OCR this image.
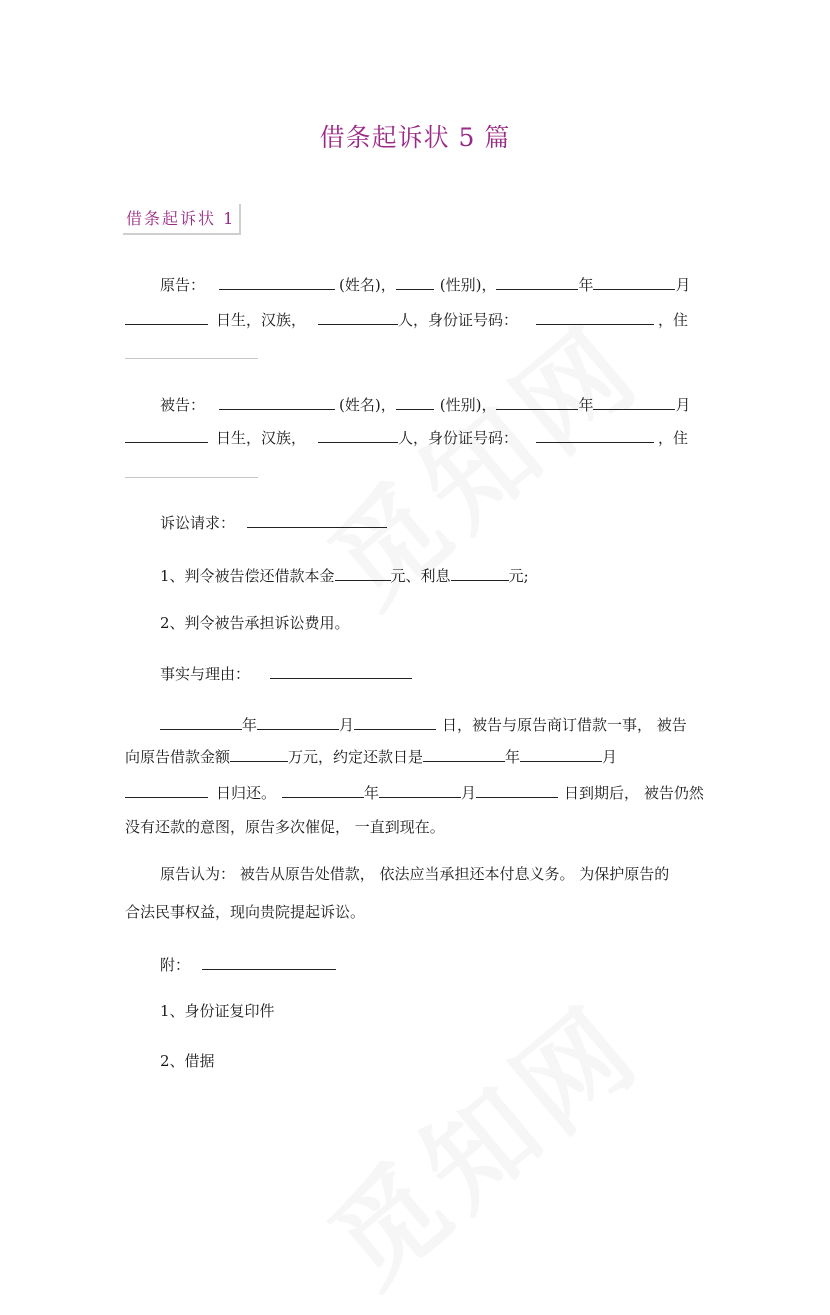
借条起诉状 5 篇
借条起诉状 1
原告：	(姓名)，	(性别)，	年	月
日生，汉族，	人，身份证号码：	，住
被告：	(姓名)，	(性别)，	年	月
日生，汉族，	人，身份证号码：	，住
诉讼请求：
1、判令被告偿还借款本金	元、利息	元;
2、判令被告承担诉讼费用。
事实与理由：
年	月	日，被告与原告商订借款一事， 被告
向原告借款金额	万元，约定还款日是	年	月
日归还。	年	月	日到期后， 被告仍然
没有还款的意图，原告多次催促， 一直到现在。
原告认为： 被告从原告处借款， 依法应当承担还本付息义务。 为保护原告的
合法民事权益，现向贵院提起诉讼。
附：
1、身份证复印件
2、借据
